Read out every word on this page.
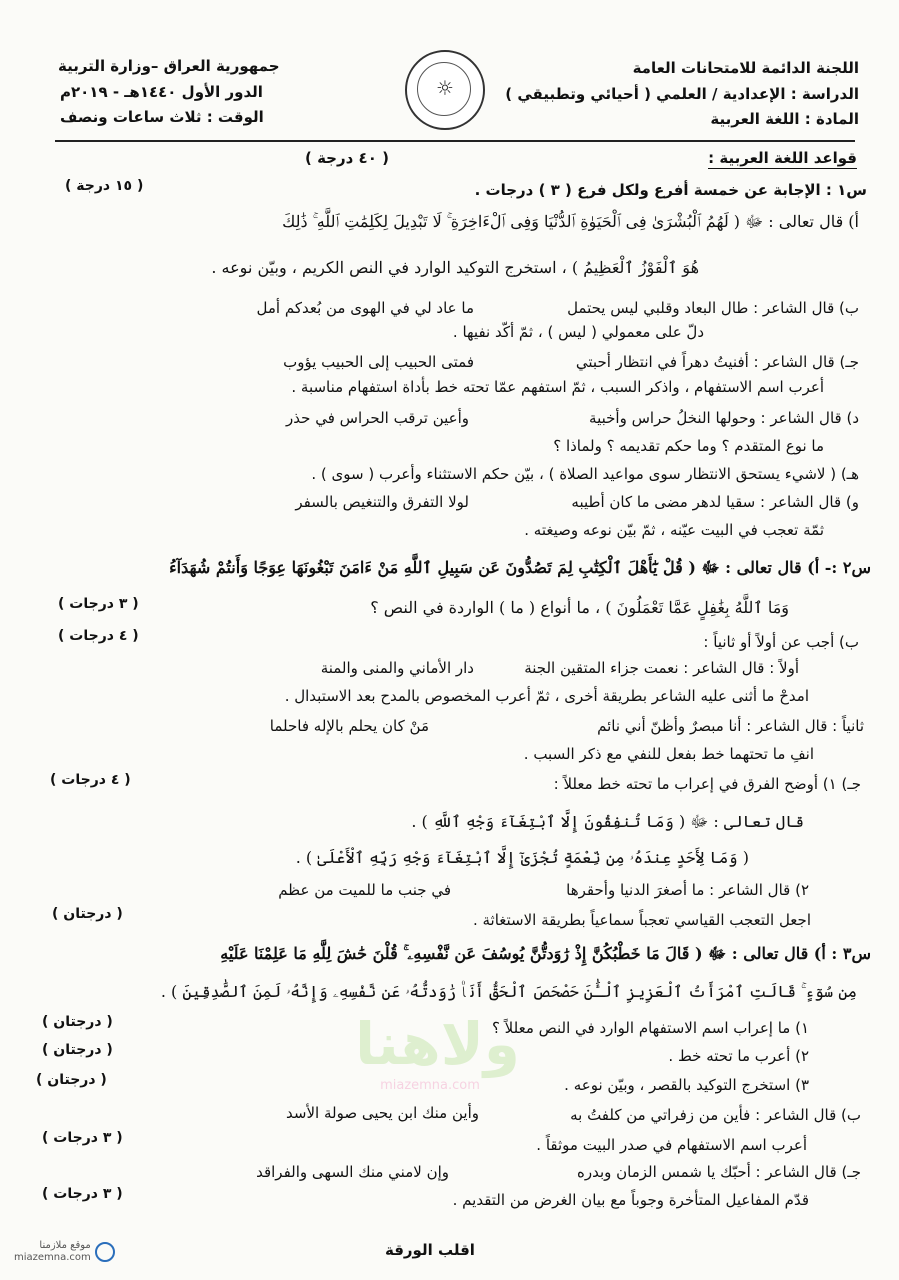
اللجنة الدائمة للامتحانات العامة
الدراسة : الإعدادية / العلمي ( أحيائي وتطبيقي )
المادة : اللغة العربية
☼
جمهورية العراق –وزارة التربية
الدور الأول ١٤٤٠هـ - ٢٠١٩م
الوقت : ثلاث ساعات ونصف
قواعد اللغة العربية :
( ٤٠ درجة )
س١ : الإجابة عن خمسة أفرع ولكل فرع ( ٣ ) درجات .
( ١٥ درجة )
أ) قال تعالى : ﷻ ( لَهُمُ ٱلْبُشْرَىٰ فِى ٱلْحَيَوٰةِ ٱلدُّنْيَا وَفِى ٱلْءَاخِرَةِ ۚ لَا تَبْدِيلَ لِكَلِمَٰتِ ٱللَّهِ ۚ ذَٰلِكَ
هُوَ ٱلْفَوْزُ ٱلْعَظِيمُ ) ، استخرج التوكيد الوارد في النص الكريم ، وبيّن نوعه .
ب) قال الشاعر : طال البعاد وقلبي ليس يحتمل
ما عاد لي في الهوى من بُعدكم أمل
دلّ على معمولي ( ليس ) ، ثمّ أكّد نفيها .
جـ) قال الشاعر : أفنيتُ دهراً في انتظار أحبتي
فمتى الحبيب إلى الحبيب يؤوب
أعرب اسم الاستفهام ، واذكر السبب ، ثمّ استفهم عمّا تحته خط بأداة استفهام مناسبة .
د) قال الشاعر : وحولها النخلُ حراس وأخبية
وأعين ترقب الحراس في حذر
ما نوع المتقدم ؟ وما حكم تقديمه ؟ ولماذا ؟
هـ) ( لاشيء يستحق الانتظار سوى مواعيد الصلاة ) ، بيّن حكم الاستثناء وأعرب ( سوى ) .
و) قال الشاعر : سقيا لدهر مضى ما كان أطيبه
لولا التفرق والتنغيص بالسفر
ثمّة تعجب في البيت عيّنه ، ثمّ بيّن نوعه وصيغته .
س٢ :- أ) قال تعالى : ﷻ ( قُلْ يَٰٓأَهْلَ ٱلْكِتَٰبِ لِمَ تَصُدُّونَ عَن سَبِيلِ ٱللَّهِ مَنْ ءَامَنَ تَبْغُونَهَا عِوَجًا وَأَنتُمْ شُهَدَآءُ
وَمَا ٱللَّهُ بِغَٰفِلٍ عَمَّا تَعْمَلُونَ ) ، ما أنواع ( ما ) الواردة في النص ؟
( ٣ درجات )
ب) أجب عن أولاً أو ثانياً :
( ٤ درجات )
أولاً : قال الشاعر : نعمت جزاء المتقين الجنة
دار الأماني والمنى والمنة
امدحْ ما أثنى عليه الشاعر بطريقة أخرى ، ثمّ أعرب المخصوص بالمدح بعد الاستبدال .
ثانياً : قال الشاعر : أنا مبصرٌ وأظنّ أني نائم
مَنْ كان يحلم بالإله فاحلما
انفِ ما تحتهما خط بفعل للنفي مع ذكر السبب .
جـ) ١) أوضح الفرق في إعراب ما تحته خط معللاً :
( ٤ درجات )
قال تعالى : ﷻ ( وَمَا تُنفِقُونَ إِلَّا ٱبْتِغَآءَ وَجْهِ ٱللَّهِ ) .
( وَمَا لِأَحَدٍ عِندَهُۥ مِن نِّعْمَةٍ تُجْزَىٰٓ إِلَّا ٱبْتِغَآءَ وَجْهِ رَبِّهِ ٱلْأَعْلَىٰ ) .
٢) قال الشاعر : ما أصغرَ الدنيا وأحقرها
في جنب ما للميت من عظم
اجعل التعجب القياسي تعجباً سماعياً بطريقة الاستغاثة .
( درجتان )
ولاهنا
miazemna.com
س٣ : أ) قال تعالى : ﷻ ( قَالَ مَا خَطْبُكُنَّ إِذْ رَٰوَدتُّنَّ يُوسُفَ عَن نَّفْسِهِۦ ۚ قُلْنَ حَٰشَ لِلَّهِ مَا عَلِمْنَا عَلَيْهِ
مِن سُوٓءٍ ۚ قَالَتِ ٱمْرَأَتُ ٱلْعَزِيزِ ٱلْـَٰٔنَ حَصْحَصَ ٱلْحَقُّ أَنَا۠ رَٰوَدتُّهُۥ عَن نَّفْسِهِۦ وَإِنَّهُۥ لَمِنَ ٱلصَّٰدِقِينَ ) .
١) ما إعراب اسم الاستفهام الوارد في النص معللاً ؟
( درجتان )
٢) أعرب ما تحته خط .
( درجتان )
٣) استخرج التوكيد بالقصر ، وبيّن نوعه .
( درجتان )
ب) قال الشاعر : فأين من زفراتي من كلفتُ به
وأين منك ابن يحيى صولة الأسد
أعرب اسم الاستفهام في صدر البيت موثقاً .
( ٣ درجات )
جـ) قال الشاعر : أحبّك يا شمس الزمان وبدره
وإن لامني منك السهى والفراقد
قدّم المفاعيل المتأخرة وجوباً مع بيان الغرض من التقديم .
( ٣ درجات )
اقلب الورقة
موقع ملازمنا
miazemna.com
